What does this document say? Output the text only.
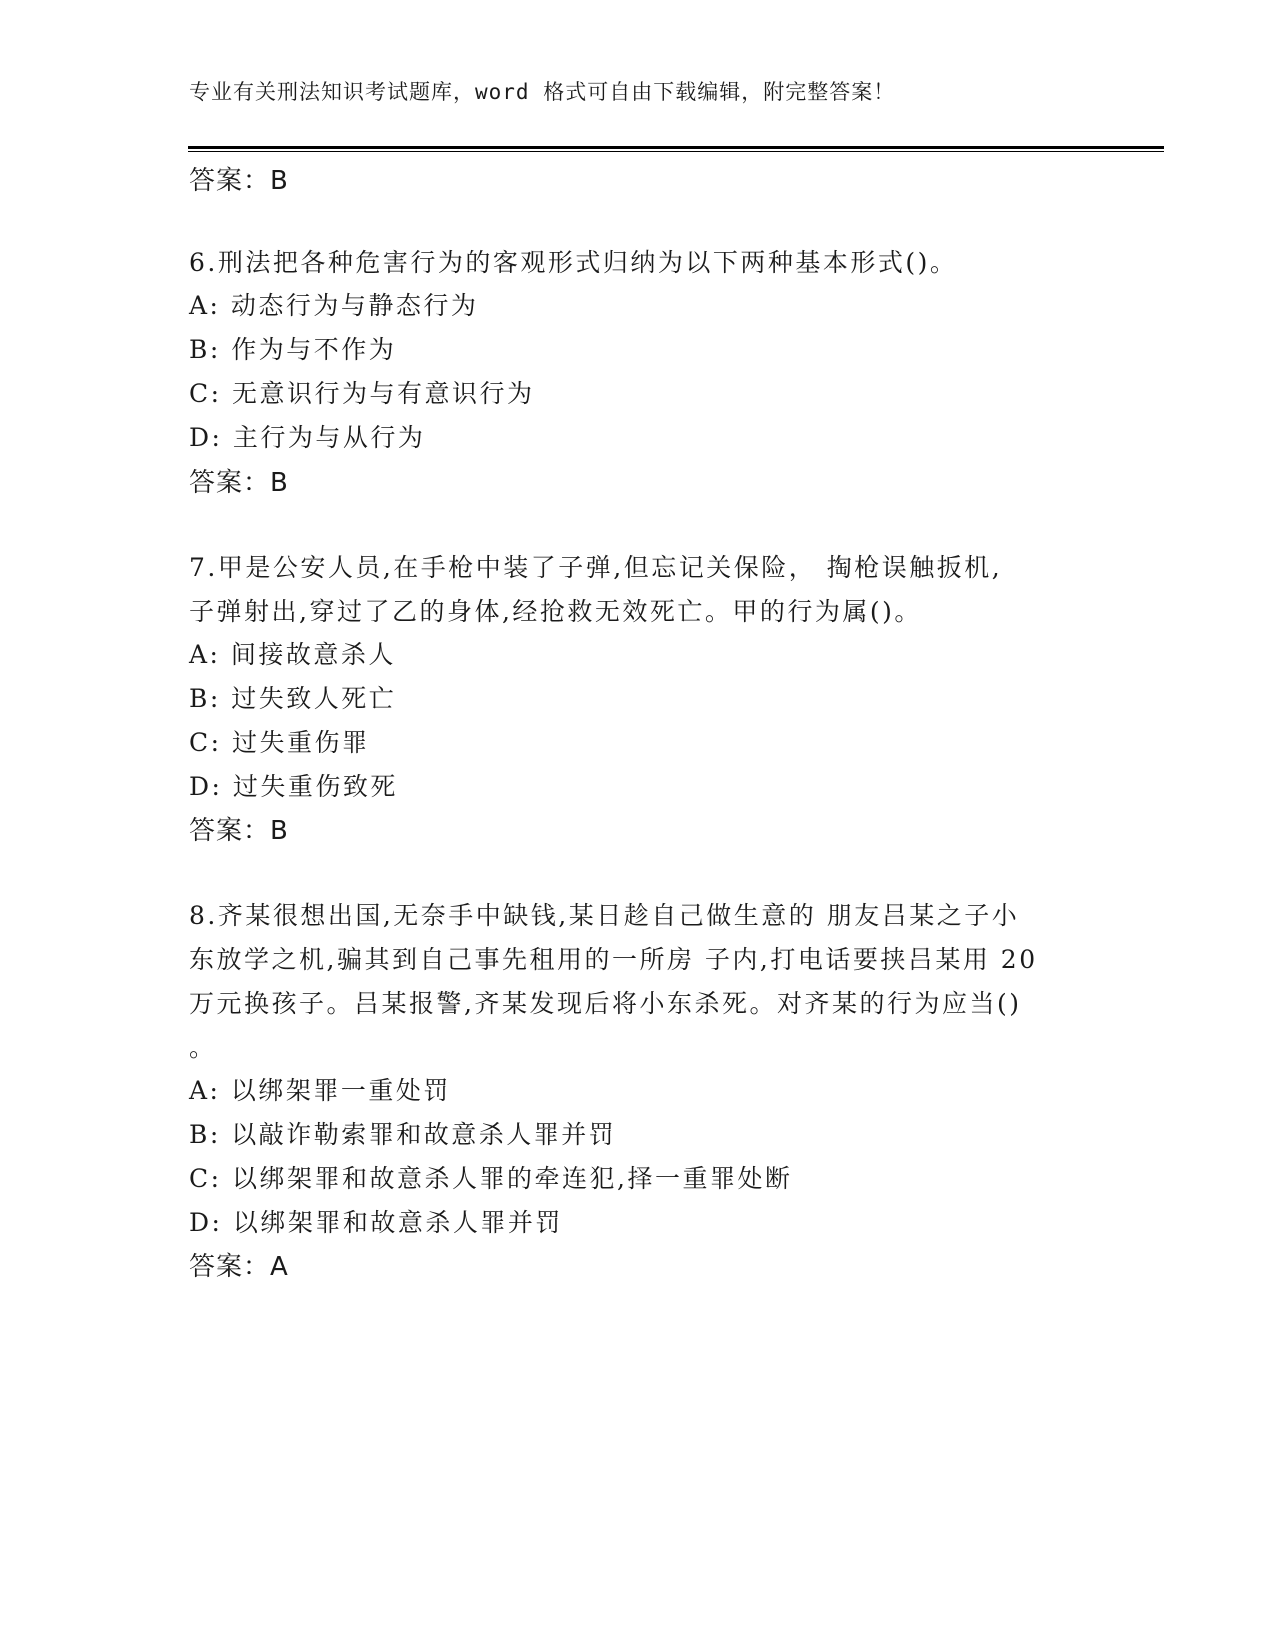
专业有关刑法知识考试题库，word 格式可自由下载编辑，附完整答案！
答案：B
6.刑法把各种危害行为的客观形式归纳为以下两种基本形式()。
A: 动态行为与静态行为
B: 作为与不作为
C: 无意识行为与有意识行为
D: 主行为与从行为
答案：B
7.甲是公安人员,在手枪中装了子弹,但忘记关保险， 掏枪误触扳机,
子弹射出,穿过了乙的身体,经抢救无效死亡。甲的行为属()。
A: 间接故意杀人
B: 过失致人死亡
C: 过失重伤罪
D: 过失重伤致死
答案：B
8.齐某很想出国,无奈手中缺钱,某日趁自己做生意的 朋友吕某之子小
东放学之机,骗其到自己事先租用的一所房 子内,打电话要挟吕某用 20
万元换孩子。吕某报警,齐某发现后将小东杀死。对齐某的行为应当()
。
A: 以绑架罪一重处罚
B: 以敲诈勒索罪和故意杀人罪并罚
C: 以绑架罪和故意杀人罪的牵连犯,择一重罪处断
D: 以绑架罪和故意杀人罪并罚
答案：A
